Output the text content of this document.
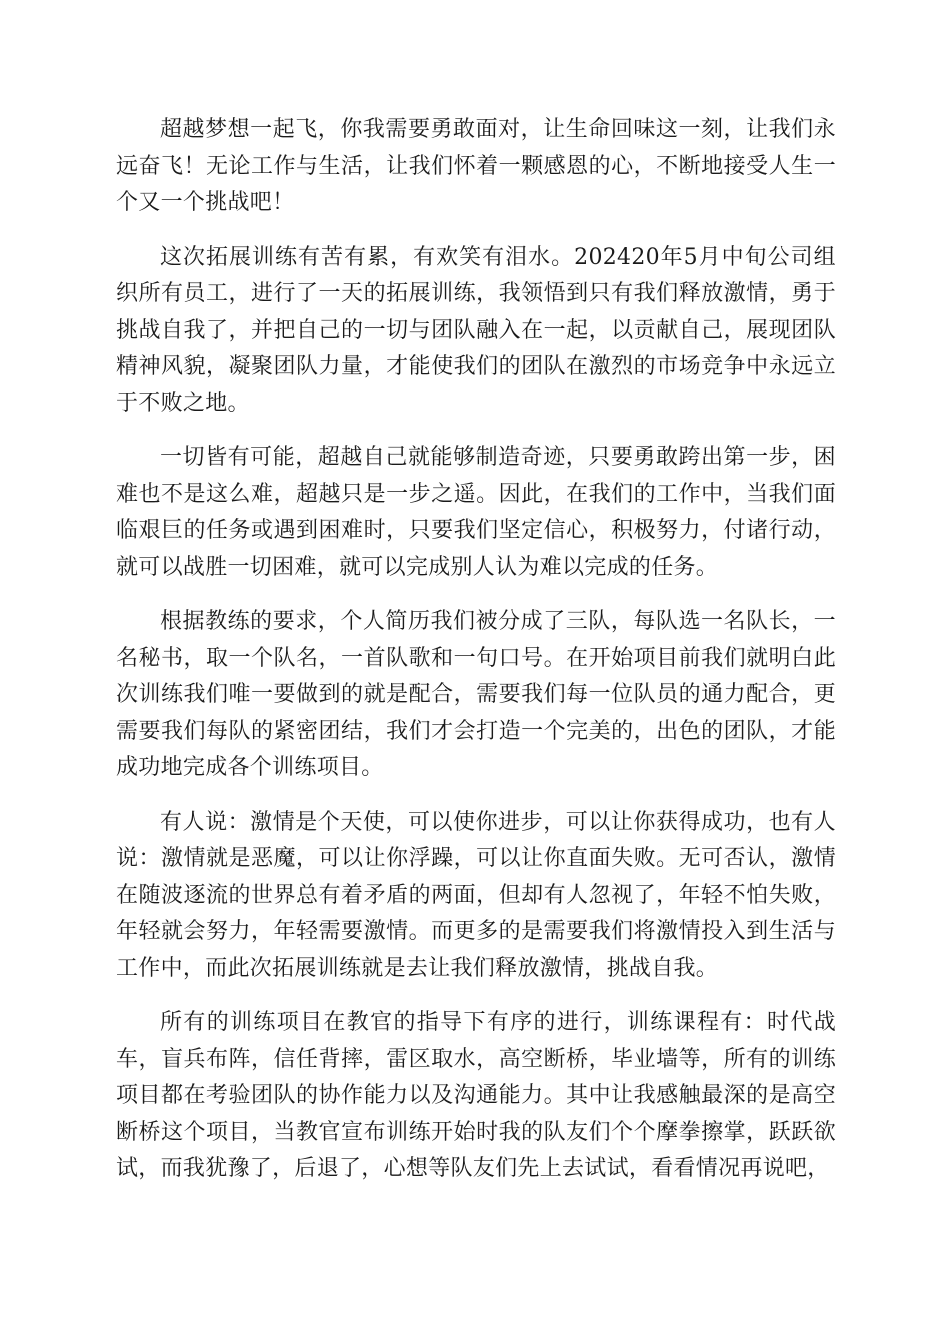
超越梦想一起飞，你我需要勇敢面对，让生命回味这一刻，让我们永远奋飞！无论工作与生活，让我们怀着一颗感恩的心，不断地接受人生一个又一个挑战吧！

这次拓展训练有苦有累，有欢笑有泪水。202420年5月中旬公司组织所有员工，进行了一天的拓展训练，我领悟到只有我们释放激情，勇于挑战自我了，并把自己的一切与团队融入在一起，以贡献自己，展现团队精神风貌，凝聚团队力量，才能使我们的团队在激烈的市场竞争中永远立于不败之地。

一切皆有可能，超越自己就能够制造奇迹，只要勇敢跨出第一步，困难也不是这么难，超越只是一步之遥。因此，在我们的工作中，当我们面临艰巨的任务或遇到困难时，只要我们坚定信心，积极努力，付诸行动，就可以战胜一切困难，就可以完成别人认为难以完成的任务。

根据教练的要求，个人简历我们被分成了三队，每队选一名队长，一名秘书，取一个队名，一首队歌和一句口号。在开始项目前我们就明白此次训练我们唯一要做到的就是配合，需要我们每一位队员的通力配合，更需要我们每队的紧密团结，我们才会打造一个完美的，出色的团队，才能成功地完成各个训练项目。

有人说：激情是个天使，可以使你进步，可以让你获得成功，也有人说：激情就是恶魔，可以让你浮躁，可以让你直面失败。无可否认，激情在随波逐流的世界总有着矛盾的两面，但却有人忽视了，年轻不怕失败，年轻就会努力，年轻需要激情。而更多的是需要我们将激情投入到生活与工作中，而此次拓展训练就是去让我们释放激情，挑战自我。

所有的训练项目在教官的指导下有序的进行，训练课程有：时代战车，盲兵布阵，信任背摔，雷区取水，高空断桥，毕业墙等，所有的训练项目都在考验团队的协作能力以及沟通能力。其中让我感触最深的是高空断桥这个项目，当教官宣布训练开始时我的队友们个个摩拳擦掌，跃跃欲试，而我犹豫了，后退了，心想等队友们先上去试试，看看情况再说吧，
